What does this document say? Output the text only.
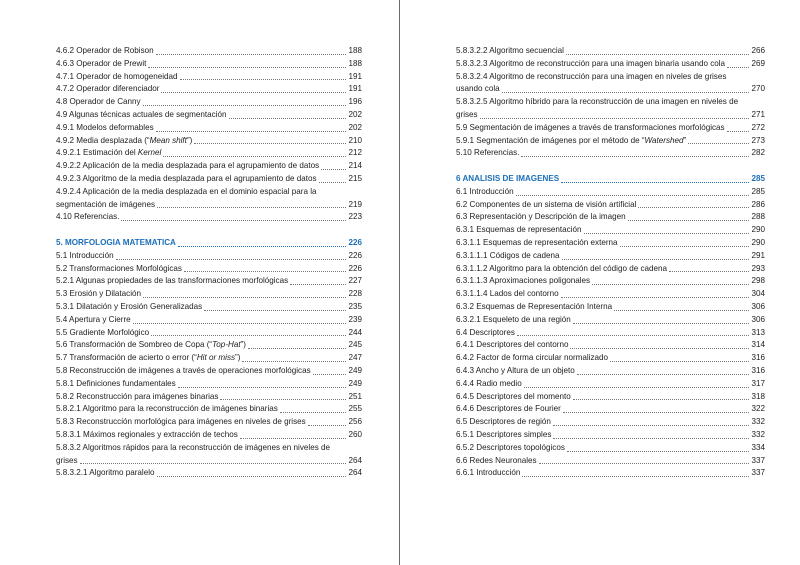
4.6.2 Operador de Robison	188
4.6.3 Operador de Prewit	188
4.7.1 Operador de homogeneidad	191
4.7.2 Operador diferenciador	191
4.8 Operador de Canny	196
4.9 Algunas técnicas actuales de segmentación	202
4.9.1 Modelos deformables	202
4.9.2 Media desplazada (“Mean shift”)	210
4.9.2.1 Estimación del Kernel	212
4.9.2.2 Aplicación de la media desplazada para el agrupamiento de datos	214
4.9.2.3 Algoritmo de la media desplazada para el agrupamiento de datos	215
4.9.2.4 Aplicación de la media desplazada en el dominio espacial para la
segmentación de imágenes	219
4.10 Referencias.	223
5. MORFOLOGIA MATEMATICA	226
5.1 Introducción	226
5.2 Transformaciones Morfológicas	226
5.2.1 Algunas propiedades de las transformaciones morfológicas	227
5.3 Erosión y Dilatación	228
5.3.1 Dilatación y Erosión Generalizadas	235
5.4 Apertura y Cierre	239
5.5 Gradiente Morfológico	244
5.6 Transformación de Sombreo de Copa (“Top-Hat”)	245
5.7 Transformación de acierto o error (“Hit or miss”)	247
5.8 Reconstrucción de imágenes a través de operaciones morfológicas	249
5.8.1 Definiciones fundamentales	249
5.8.2 Reconstrucción para imágenes binarias	251
5.8.2.1 Algoritmo para la reconstrucción de imágenes binarias	255
5.8.3 Reconstrucción morfológica para imágenes en niveles de grises	256
5.8.3.1 Máximos regionales y extracción de techos	260
5.8.3.2 Algoritmos rápidos para la reconstrucción de imágenes en niveles de
grises	264
5.8.3.2.1 Algoritmo paralelo	264
5.8.3.2.2 Algoritmo secuencial	266
5.8.3.2.3 Algoritmo de reconstrucción para una imagen binaria usando cola	269
5.8.3.2.4 Algoritmo de reconstrucción para una imagen en niveles de grises
usando cola	270
5.8.3.2.5 Algoritmo híbrido para la reconstrucción de una imagen en niveles de
grises	271
5.9 Segmentación de imágenes a través de transformaciones morfológicas	272
5.9.1 Segmentación de imágenes por el método de “Watershed”	273
5.10 Referencias.	282
6 ANALISIS DE IMAGENES	285
6.1 Introducción	285
6.2 Componentes de un sistema de visión artificial	286
6.3 Representación y Descripción de la imagen	288
6.3.1 Esquemas de representación	290
6.3.1.1 Esquemas de representación externa	290
6.3.1.1.1 Códigos de cadena	291
6.3.1.1.2 Algoritmo para la obtención del código de cadena	293
6.3.1.1.3 Aproximaciones poligonales	298
6.3.1.1.4 Lados del contorno	304
6.3.2 Esquemas de Representación Interna	306
6.3.2.1 Esqueleto de una región	306
6.4 Descriptores	313
6.4.1 Descriptores del contorno	314
6.4.2 Factor de forma circular normalizado	316
6.4.3 Ancho y Altura de un objeto	316
6.4.4 Radio medio	317
6.4.5 Descriptores del momento	318
6.4.6 Descriptores de Fourier	322
6.5 Descriptores de región	332
6.5.1 Descriptores simples	332
6.5.2 Descriptores topológicos	334
6.6 Redes Neuronales	337
6.6.1 Introducción	337
